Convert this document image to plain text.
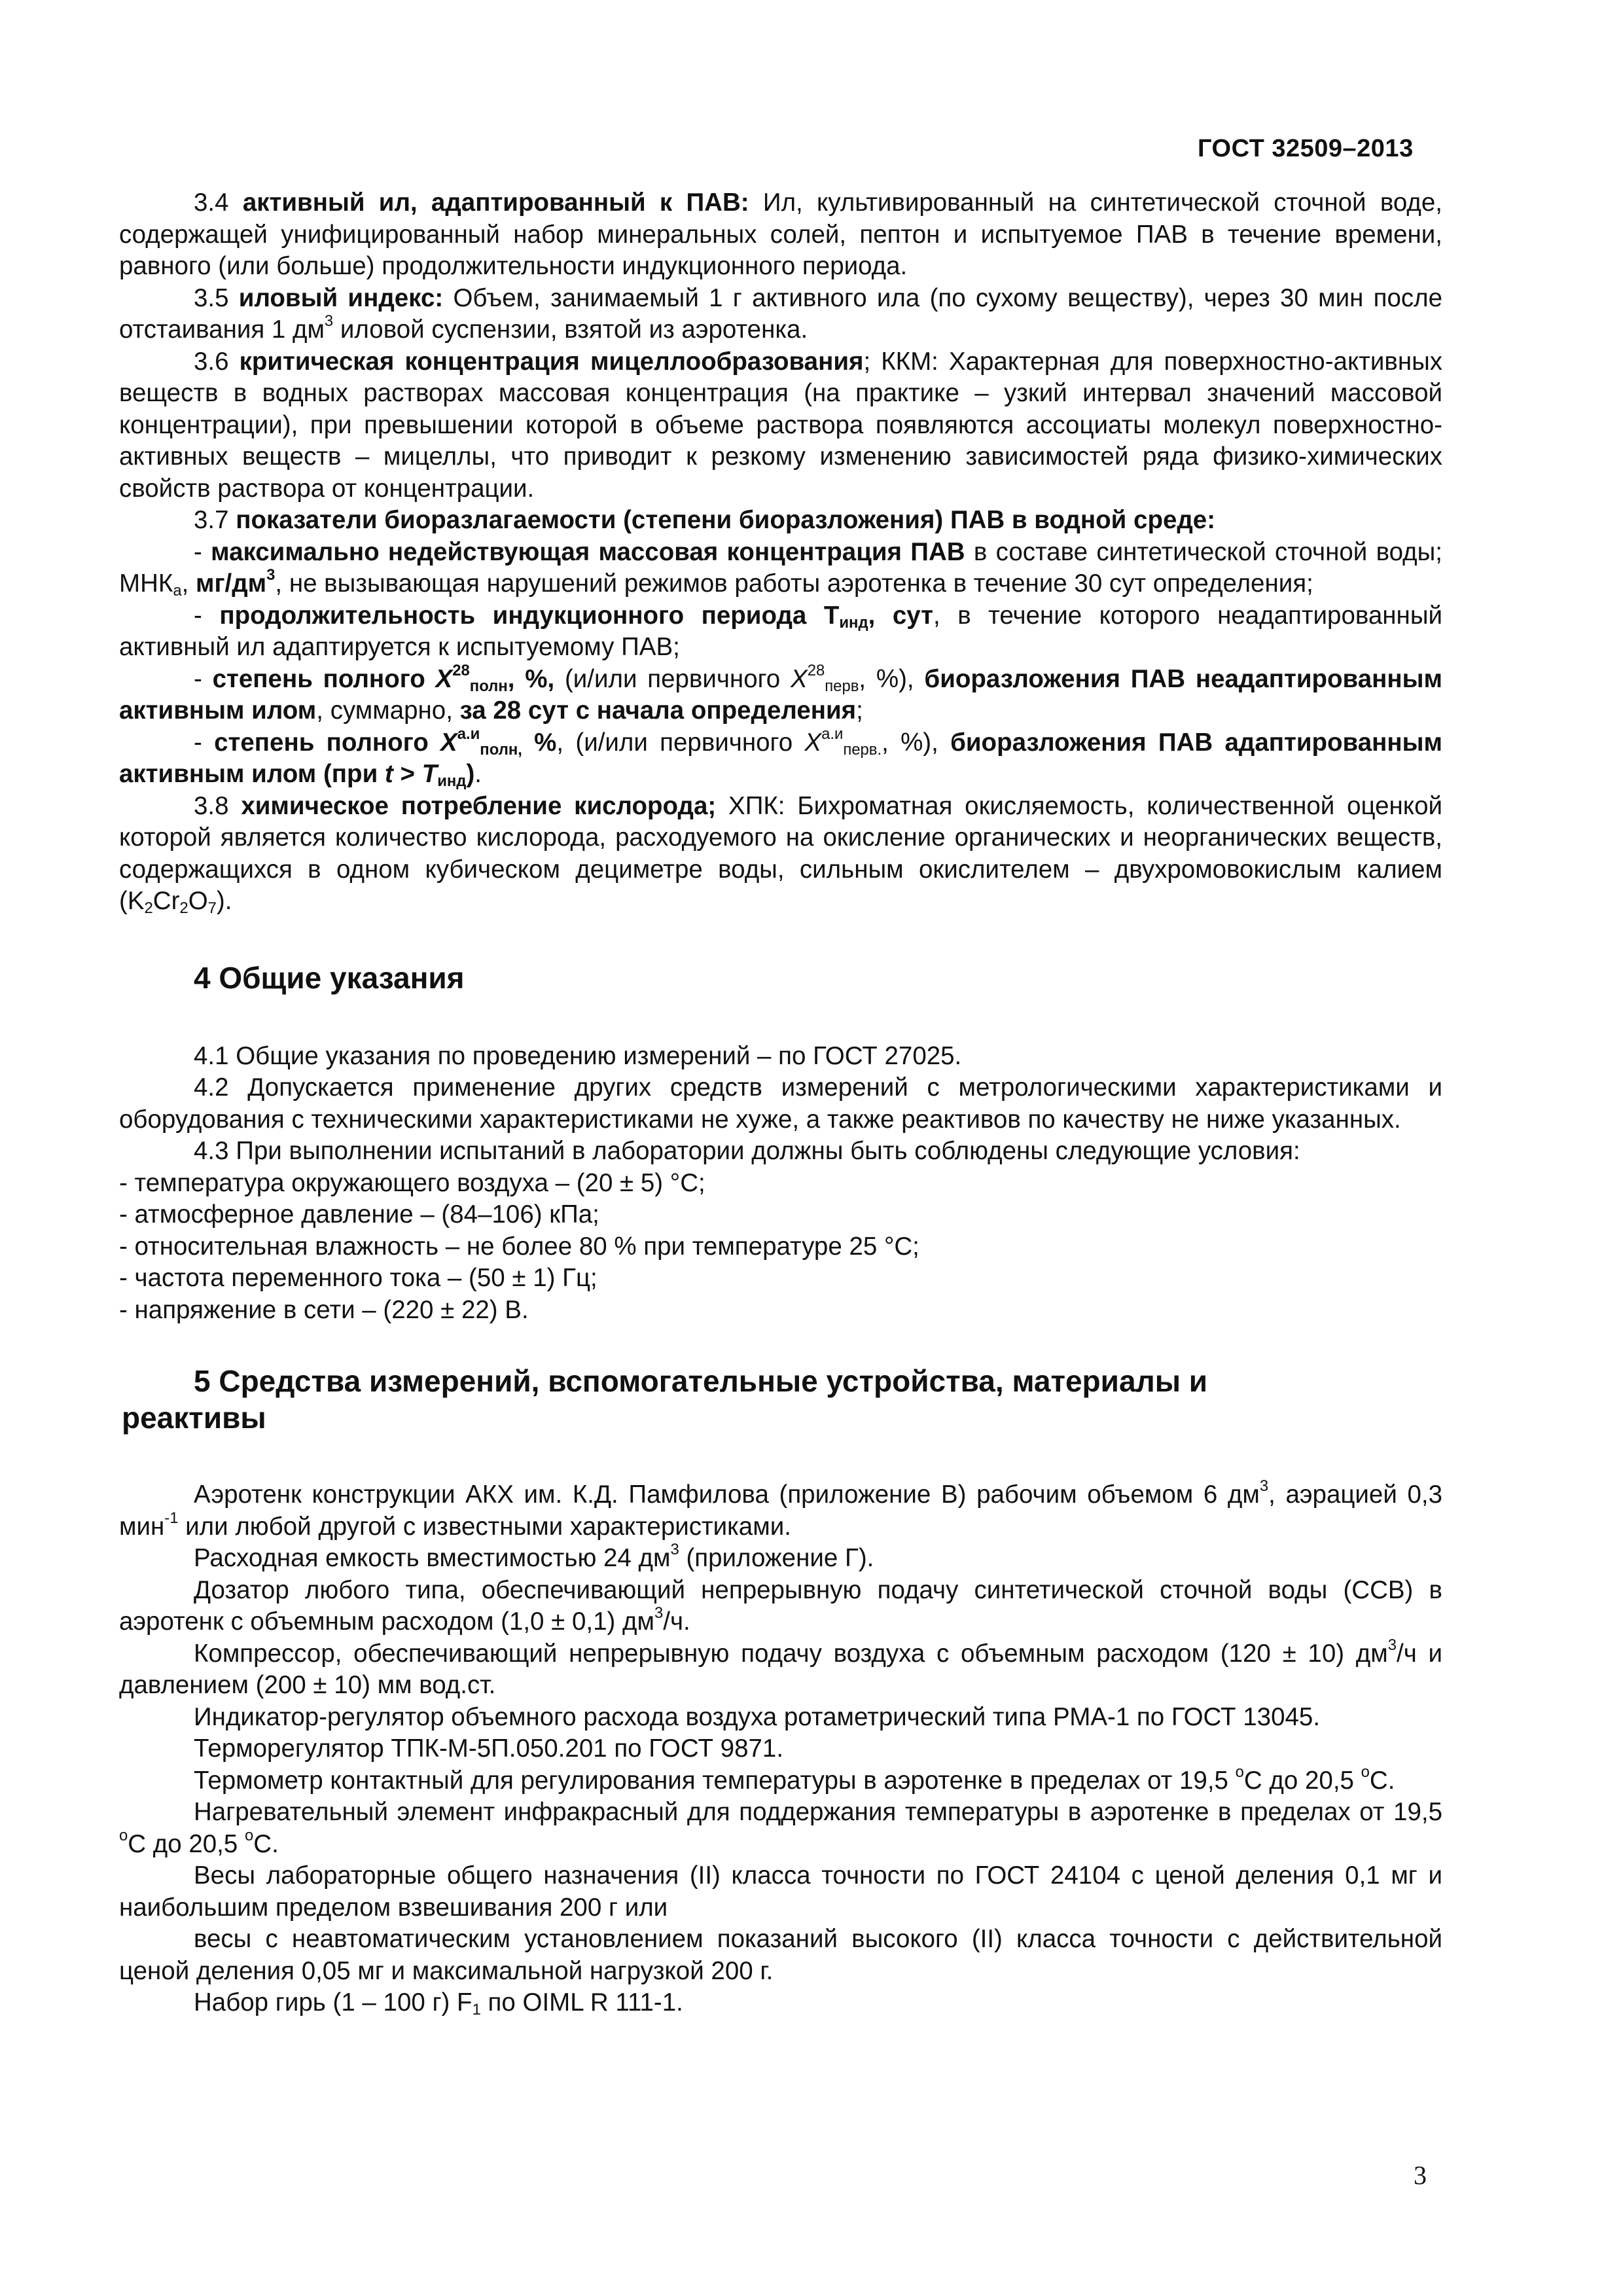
ГОСТ 32509–2013

3.4 активный ил, адаптированный к ПАВ: Ил, культивированный на синтетической сточной воде, содержащей унифицированный набор минеральных солей, пептон и испытуемое ПАВ в течение времени, равного (или больше) продолжительности индукционного периода.

3.5 иловый индекс: Объем, занимаемый 1 г активного ила (по сухому веществу), через 30 мин после отстаивания 1 $дм^3$ иловой суспензии, взятой из аэротенка.

3.6 критическая концентрация мицеллообразования; ККМ: Характерная для поверхностно-активных веществ в водных растворах массовая концентрация (на практике – узкий интервал значений массовой концентрации), при превышении которой в объеме раствора появляются ассоциаты молекул поверхностно-активных веществ – мицеллы, что приводит к резкому изменению зависимостей ряда физико-химических свойств раствора от концентрации.

3.7 показатели биоразлагаемости (степени биоразложения) ПАВ в водной среде:

- максимально недействующая массовая концентрация ПАВ в составе синтетической сточной воды; $МНК_а$, $мг/дм^3$, не вызывающая нарушений режимов работы аэротенка в течение 30 сут определения;

- продолжительность индукционного периода $Т_{инд}$, сут, в течение которого неадаптированный активный ил адаптируется к испытуемому ПАВ;

- степень полного $X^{28}_{полн}$, %, (и/или первичного $X^{28}_{перв}$, %), биоразложения ПАВ неадаптированным активным илом, суммарно, за 28 сут с начала определения;

- степень полного $X^{а.и}_{полн,}$ %, (и/или первичного $X^{а.и}_{перв.}$, %), биоразложения ПАВ адаптированным активным илом (при $t > Т_{инд}$).

3.8 химическое потребление кислорода; ХПК: Бихроматная окисляемость, количественной оценкой которой является количество кислорода, расходуемого на окисление органических и неорганических веществ, содержащихся в одном кубическом дециметре воды, сильным окислителем – двухромовокислым калием $(K_2Cr_2O_7)$.

4 Общие указания

4.1 Общие указания по проведению измерений – по ГОСТ 27025.

4.2 Допускается применение других средств измерений с метрологическими характеристиками и оборудования с техническими характеристиками не хуже, а также реактивов по качеству не ниже указанных.

4.3 При выполнении испытаний в лаборатории должны быть соблюдены следующие условия:

- температура окружающего воздуха – (20 ± 5) °С;

- атмосферное давление – (84–106) кПа;

- относительная влажность – не более 80 % при температуре 25 °С;

- частота переменного тока – (50 ± 1) Гц;

- напряжение в сети – (220 ± 22) В.

5 Средства измерений, вспомогательные устройства, материалы и
реактивы

Аэротенк конструкции АКХ им. К.Д. Памфилова (приложение В) рабочим объемом 6 $дм^3$, аэрацией 0,3 мин$^{-1}$ или любой другой с известными характеристиками.

Расходная емкость вместимостью 24 $дм^3$ (приложение Г).

Дозатор любого типа, обеспечивающий непрерывную подачу синтетической сточной воды (ССВ) в аэротенк с объемным расходом (1,0 ± 0,1) $дм^3/ч$.

Компрессор, обеспечивающий непрерывную подачу воздуха с объемным расходом (120 ± 10) $дм^3/ч$ и давлением (200 ± 10) мм вод.ст.

Индикатор-регулятор объемного расхода воздуха ротаметрический типа РМА-1 по ГОСТ 13045.

Терморегулятор ТПК-М-5П.050.201 по ГОСТ 9871.

Термометр контактный для регулирования температуры в аэротенке в пределах от 19,5 $^о$С до 20,5 $^о$С.

Нагревательный элемент инфракрасный для поддержания температуры в аэротенке в пределах от 19,5 $^о$С до 20,5 $^о$С.

Весы лабораторные общего назначения (II) класса точности по ГОСТ 24104 с ценой деления 0,1 мг и наибольшим пределом взвешивания 200 г или

весы с неавтоматическим установлением показаний высокого (II) класса точности с действительной ценой деления 0,05 мг и максимальной нагрузкой 200 г.

Набор гирь (1 – 100 г) $F_1$ по OIML R 111-1.

3
